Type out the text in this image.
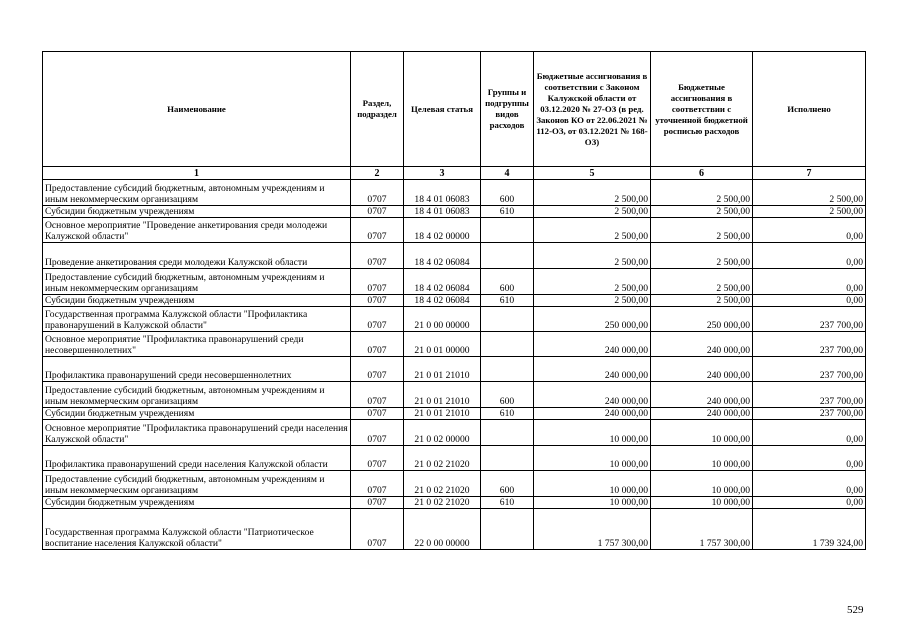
Наименование	Раздел, подраздел	Целевая статья	Группы и подгруппы видов расходов	Бюджетные ассигнования в соответствии с Законом Калужской области от 03.12.2020 № 27-ОЗ (в ред. Законов КО от 22.06.2021 № 112-ОЗ, от 03.12.2021 № 168-ОЗ)	Бюджетные ассигнования в соответствии с уточненной бюджетной росписью расходов	Исполнено
1	2	3	4	5	6	7
Предоставление субсидий бюджетным, автономным учреждениям и иным некоммерческим организациям	0707	18 4 01 06083	600	2 500,00	2 500,00	2 500,00
Субсидии бюджетным учреждениям	0707	18 4 01 06083	610	2 500,00	2 500,00	2 500,00
Основное мероприятие "Проведение анкетирования среди молодежи Калужской области"	0707	18 4 02 00000		2 500,00	2 500,00	0,00
Проведение анкетирования среди молодежи Калужской области	0707	18 4 02 06084		2 500,00	2 500,00	0,00
Предоставление субсидий бюджетным, автономным учреждениям и иным некоммерческим организациям	0707	18 4 02 06084	600	2 500,00	2 500,00	0,00
Субсидии бюджетным учреждениям	0707	18 4 02 06084	610	2 500,00	2 500,00	0,00
Государственная программа Калужской области "Профилактика правонарушений в Калужской области"	0707	21 0 00 00000		250 000,00	250 000,00	237 700,00
Основное мероприятие "Профилактика правонарушений среди несовершеннолетних"	0707	21 0 01 00000		240 000,00	240 000,00	237 700,00
Профилактика правонарушений среди несовершеннолетних	0707	21 0 01 21010		240 000,00	240 000,00	237 700,00
Предоставление субсидий бюджетным, автономным учреждениям и иным некоммерческим организациям	0707	21 0 01 21010	600	240 000,00	240 000,00	237 700,00
Субсидии бюджетным учреждениям	0707	21 0 01 21010	610	240 000,00	240 000,00	237 700,00
Основное мероприятие "Профилактика правонарушений среди населения Калужской области"	0707	21 0 02 00000		10 000,00	10 000,00	0,00
Профилактика правонарушений среди населения Калужской области	0707	21 0 02 21020		10 000,00	10 000,00	0,00
Предоставление субсидий бюджетным, автономным учреждениям и иным некоммерческим организациям	0707	21 0 02 21020	600	10 000,00	10 000,00	0,00
Субсидии бюджетным учреждениям	0707	21 0 02 21020	610	10 000,00	10 000,00	0,00
Государственная программа Калужской области "Патриотическое воспитание населения Калужской области"	0707	22 0 00 00000		1 757 300,00	1 757 300,00	1 739 324,00
529
